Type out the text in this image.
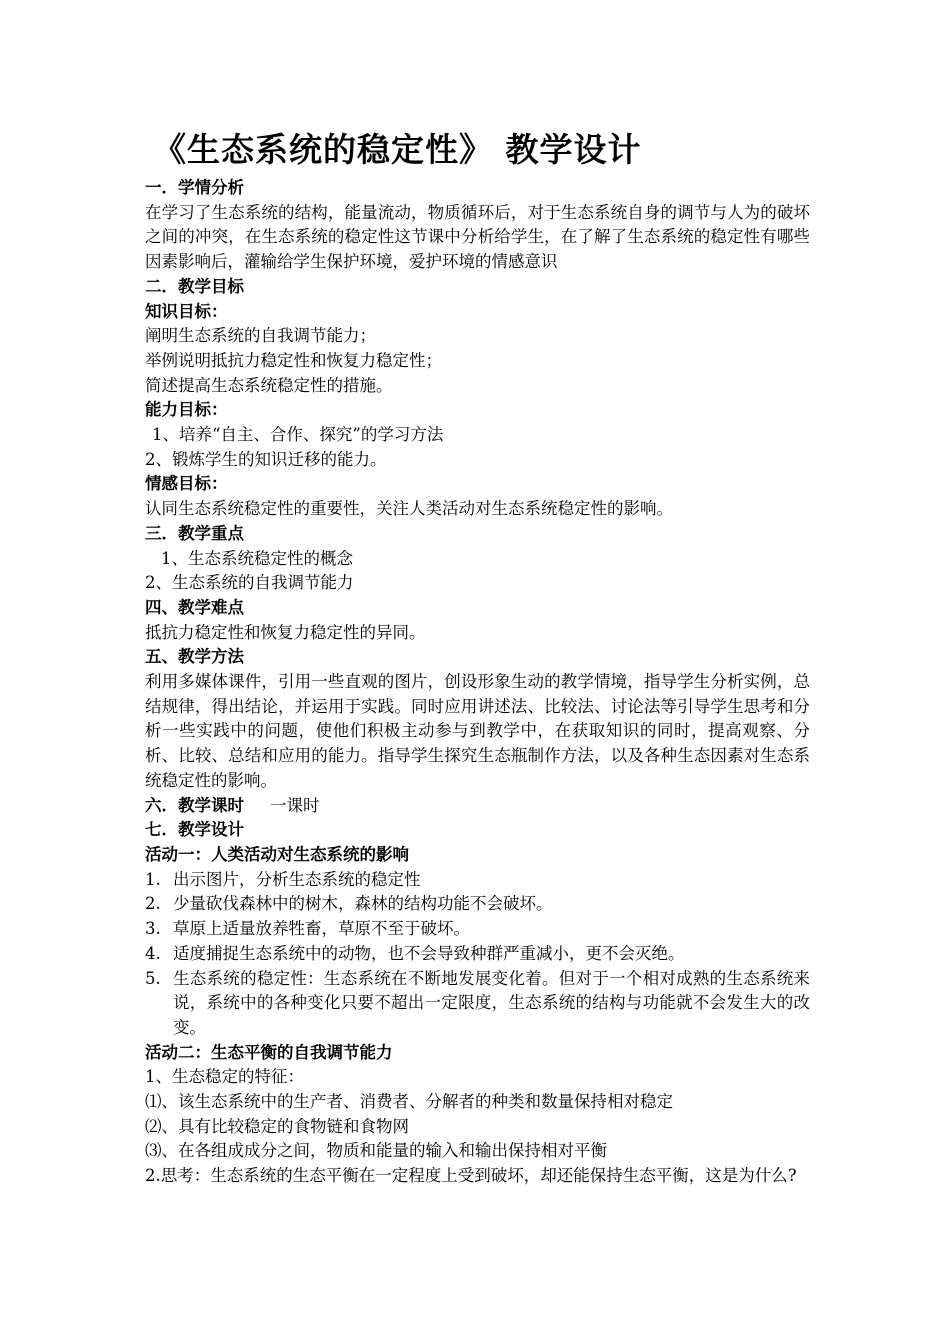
《生态系统的稳定性》 教学设计

一．学情分析

在学习了生态系统的结构，能量流动，物质循环后，对于生态系统自身的调节与人为的破坏之间的冲突，在生态系统的稳定性这节课中分析给学生，在了解了生态系统的稳定性有哪些因素影响后，灌输给学生保护环境，爱护环境的情感意识

二．教学目标

知识目标：

阐明生态系统的自我调节能力；

举例说明抵抗力稳定性和恢复力稳定性；

简述提高生态系统稳定性的措施。

能力目标：

1、培养“自主、合作、探究”的学习方法

2、锻炼学生的知识迁移的能力。

情感目标：

认同生态系统稳定性的重要性，关注人类活动对生态系统稳定性的影响。

三．教学重点

1、生态系统稳定性的概念

2、生态系统的自我调节能力

四、教学难点

抵抗力稳定性和恢复力稳定性的异同。

五、教学方法

利用多媒体课件，引用一些直观的图片，创设形象生动的教学情境，指导学生分析实例，总结规律，得出结论，并运用于实践。同时应用讲述法、比较法、讨论法等引导学生思考和分析一些实践中的问题，使他们积极主动参与到教学中，在获取知识的同时，提高观察、分析、比较、总结和应用的能力。指导学生探究生态瓶制作方法，以及各种生态因素对生态系统稳定性的影响。

六．教学课时 一课时

七．教学设计

活动一：人类活动对生态系统的影响

1. 出示图片，分析生态系统的稳定性
2. 少量砍伐森林中的树木，森林的结构功能不会破坏。
3. 草原上适量放养牲畜，草原不至于破坏。
4. 适度捕捉生态系统中的动物，也不会导致种群严重减小，更不会灭绝。
5. 生态系统的稳定性：生态系统在不断地发展变化着。但对于一个相对成熟的生态系统来说，系统中的各种变化只要不超出一定限度，生态系统的结构与功能就不会发生大的改变。

活动二：生态平衡的自我调节能力

1、生态稳定的特征：

⑴、该生态系统中的生产者、消费者、分解者的种类和数量保持相对稳定

⑵、具有比较稳定的食物链和食物网

⑶、在各组成成分之间，物质和能量的输入和输出保持相对平衡

2.思考：生态系统的生态平衡在一定程度上受到破坏，却还能保持生态平衡，这是为什么?
